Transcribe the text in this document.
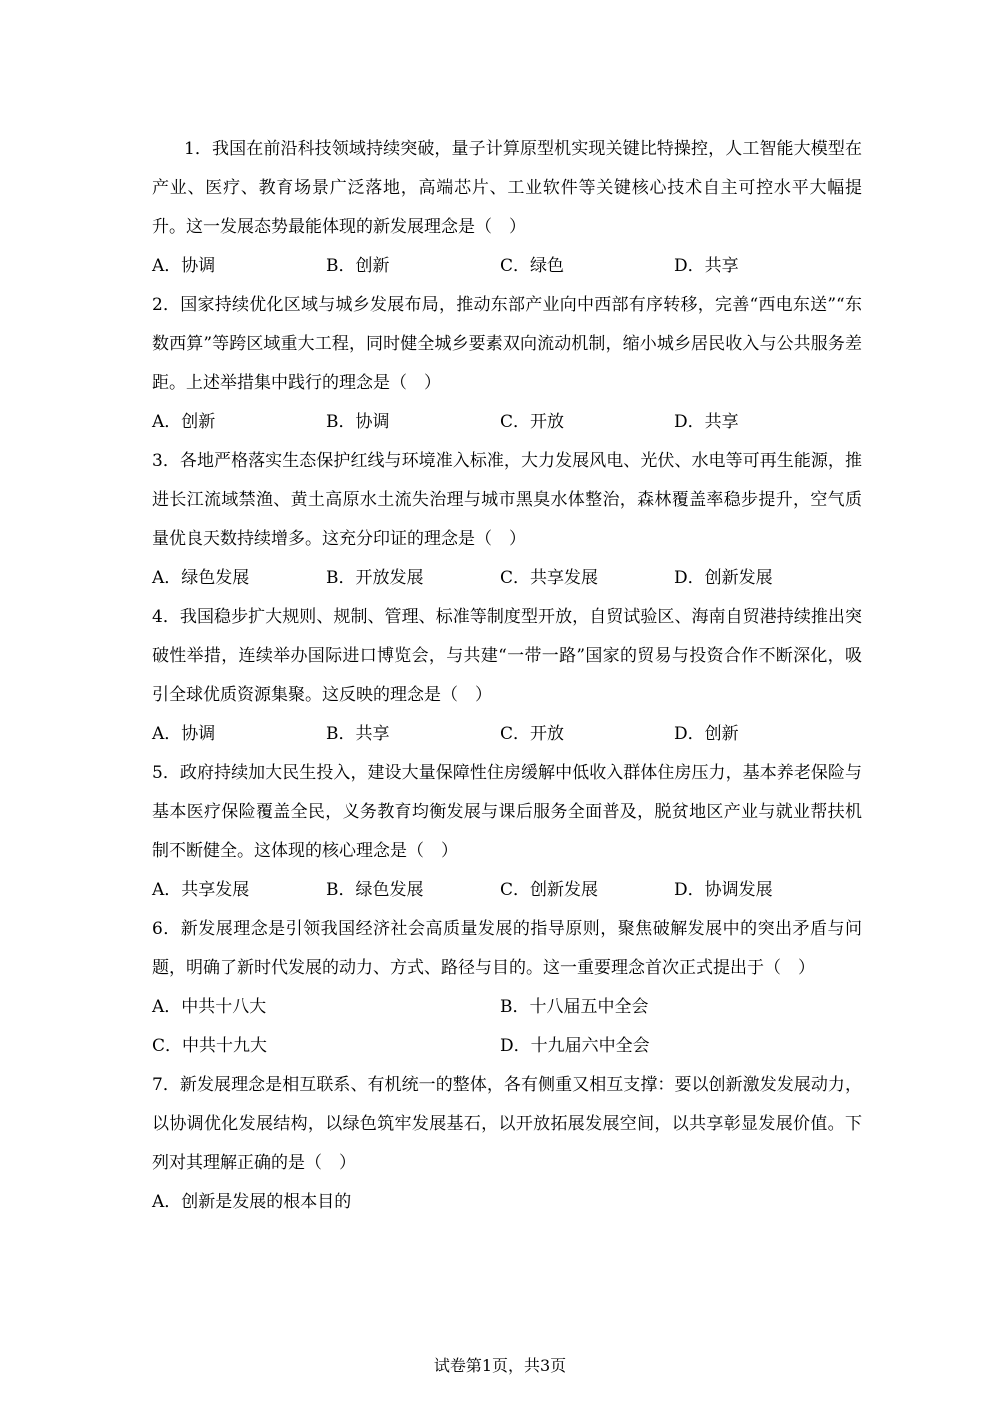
1．我国在前沿科技领域持续突破，量子计算原型机实现关键比特操控，人工智能大模型在产业、医疗、教育场景广泛落地，高端芯片、工业软件等关键核心技术自主可控水平大幅提升。这一发展态势最能体现的新发展理念是（　）

A．协调	B．创新	C．绿色	D．共享

2．国家持续优化区域与城乡发展布局，推动东部产业向中西部有序转移，完善“西电东送”“东数西算”等跨区域重大工程，同时健全城乡要素双向流动机制，缩小城乡居民收入与公共服务差距。上述举措集中践行的理念是（　）

A．创新	B．协调	C．开放	D．共享

3．各地严格落实生态保护红线与环境准入标准，大力发展风电、光伏、水电等可再生能源，推进长江流域禁渔、黄土高原水土流失治理与城市黑臭水体整治，森林覆盖率稳步提升，空气质量优良天数持续增多。这充分印证的理念是（　）

A．绿色发展	B．开放发展	C．共享发展	D．创新发展

4．我国稳步扩大规则、规制、管理、标准等制度型开放，自贸试验区、海南自贸港持续推出突破性举措，连续举办国际进口博览会，与共建“一带一路”国家的贸易与投资合作不断深化，吸引全球优质资源集聚。这反映的理念是（　）

A．协调	B．共享	C．开放	D．创新

5．政府持续加大民生投入，建设大量保障性住房缓解中低收入群体住房压力，基本养老保险与基本医疗保险覆盖全民，义务教育均衡发展与课后服务全面普及，脱贫地区产业与就业帮扶机制不断健全。这体现的核心理念是（　）

A．共享发展	B．绿色发展	C．创新发展	D．协调发展

6．新发展理念是引领我国经济社会高质量发展的指导原则，聚焦破解发展中的突出矛盾与问题，明确了新时代发展的动力、方式、路径与目的。这一重要理念首次正式提出于（　）

A．中共十八大	B．十八届五中全会
C．中共十九大	D．十九届六中全会

7．新发展理念是相互联系、有机统一的整体，各有侧重又相互支撑：要以创新激发发展动力，以协调优化发展结构，以绿色筑牢发展基石，以开放拓展发展空间，以共享彰显发展价值。下列对其理解正确的是（　）

A．创新是发展的根本目的
试卷第1页，共3页
